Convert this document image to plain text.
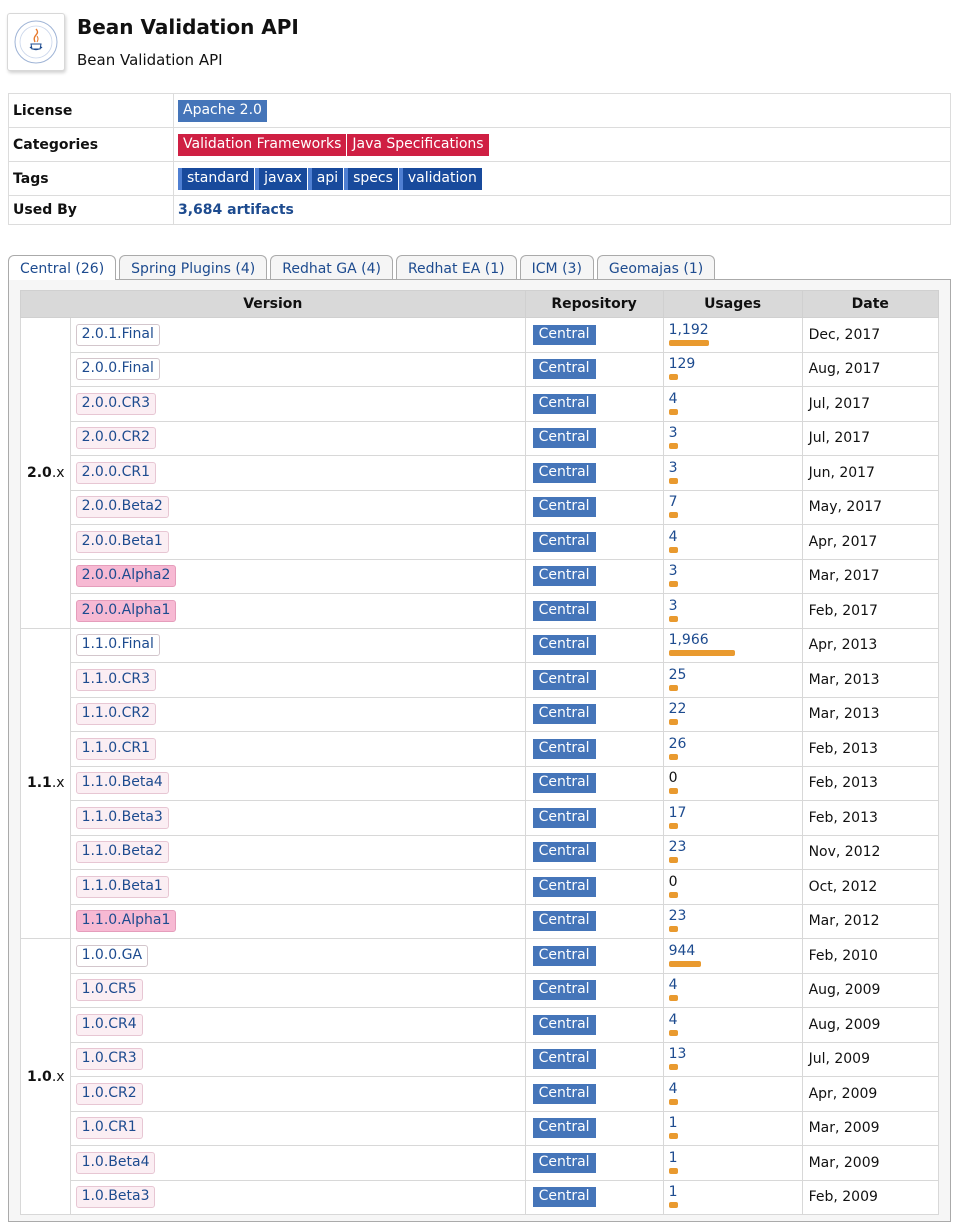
Bean Validation API
Bean Validation API
License	Apache 2.0
Categories	Validation Frameworks Java Specifications
Tags	standard javax api specs validation
Used By	3,684 artifacts
Central (26)	Spring Plugins (4)	Redhat GA (4)	Redhat EA (1)	ICM (3)	Geomajas (1)
Version		Repository	Usages	Date
2.0.x	2.0.1.Final	Central	1,192	Dec, 2017
	2.0.0.Final	Central	129	Aug, 2017
	2.0.0.CR3	Central	4	Jul, 2017
	2.0.0.CR2	Central	3	Jul, 2017
	2.0.0.CR1	Central	3	Jun, 2017
	2.0.0.Beta2	Central	7	May, 2017
	2.0.0.Beta1	Central	4	Apr, 2017
	2.0.0.Alpha2	Central	3	Mar, 2017
	2.0.0.Alpha1	Central	3	Feb, 2017
1.1.x	1.1.0.Final	Central	1,966	Apr, 2013
	1.1.0.CR3	Central	25	Mar, 2013
	1.1.0.CR2	Central	22	Mar, 2013
	1.1.0.CR1	Central	26	Feb, 2013
	1.1.0.Beta4	Central	0	Feb, 2013
	1.1.0.Beta3	Central	17	Feb, 2013
	1.1.0.Beta2	Central	23	Nov, 2012
	1.1.0.Beta1	Central	0	Oct, 2012
	1.1.0.Alpha1	Central	23	Mar, 2012
1.0.x	1.0.0.GA	Central	944	Feb, 2010
	1.0.CR5	Central	4	Aug, 2009
	1.0.CR4	Central	4	Aug, 2009
	1.0.CR3	Central	13	Jul, 2009
	1.0.CR2	Central	4	Apr, 2009
	1.0.CR1	Central	1	Mar, 2009
	1.0.Beta4	Central	1	Mar, 2009
	1.0.Beta3	Central	1	Feb, 2009
